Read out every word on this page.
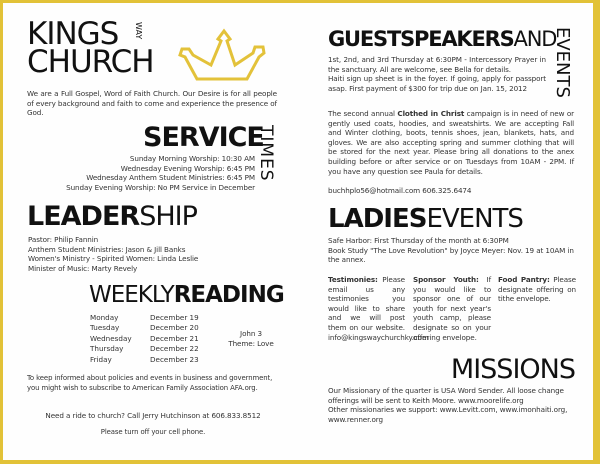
KINGS WAY
CHURCH
We are a Full Gospel, Word of Faith Church. Our Desire is for all people of every background and faith to come and experience the presence of God.
SERVICE
TIMES
Sunday Morning Worship: 10:30 AM
Wednesday Evening Worship: 6:45 PM
Wednesday Anthem Student Ministries: 6:45 PM
Sunday Evening Worship: No PM Service in December
LEADERSHIP
Pastor: Philip Fannin
Anthem Student Ministries: Jason & Jill Banks
Women's Ministry - Spirited Women: Linda Leslie
Minister of Music: Marty Revely
WEEKLYREADING
Monday	December 19
Tuesday	December 20
Wednesday	December 21
Thursday	December 22
Friday	December 23
John 3
Theme: Love
To keep informed about policies and events in business and government, you might wish to subscribe to American Family Association AFA.org.
Need a ride to church? Call Jerry Hutchinson at 606.833.8512
Please turn off your cell phone.
GUESTSPEAKERSAND
EVENTS
1st, 2nd, and 3rd Thursday at 6:30PM - Intercessory Prayer in the sanctuary. All are welcome, see Bella for details.
Haiti sign up sheet is in the foyer. If going, apply for passport asap. First payment of $300 for trip due on Jan. 15, 2012
The second annual Clothed in Christ campaign is in need of new or gently used coats, hoodies, and sweatshirts. We are accepting Fall and Winter clothing, boots, tennis shoes, jean, blankets, hats, and gloves. We are also accepting spring and summer clothing that will be stored for the next year. Please bring all donations to the anex building before or after service or on Tuesdays from 10AM - 2PM. If you have any question see Paula for details.
buchhplo56@hotmail.com 606.325.6474
LADIESEVENTS
Safe Harbor: First Thursday of the month at 6:30PM
Book Study "The Love Revolution" by Joyce Meyer: Nov. 19 at 10AM in the annex.
Testimonies: Please email us any testimonies you would like to share and we will post them on our website. info@kingswaychurchky.com
Sponsor Youth: If you would like to sponsor one of our youth for next year's youth camp, please designate so on your offering envelope.
Food Pantry: Please designate offering on tithe envelope.
MISSIONS
Our Missionary of the quarter is USA Word Sender. All loose change offerings will be sent to Keith Moore. www.moorelife.org
Other missionaries we support: www.Levitt.com, www.imonhaiti.org, www.renner.org
